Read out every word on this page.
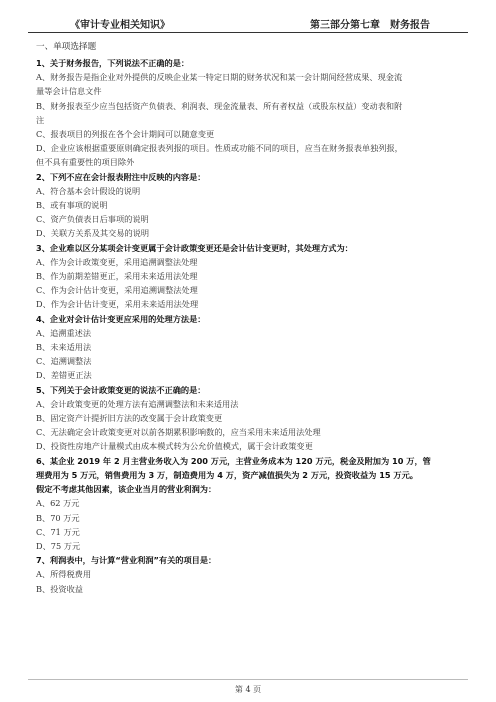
《审计专业相关知识》	第三部分第七章　财务报告
一、单项选择题
1、关于财务报告，下列说法不正确的是：
A、财务报告是指企业对外提供的反映企业某一特定日期的财务状况和某一会计期间经营成果、现金流
量等会计信息文件
B、财务报表至少应当包括资产负债表、利润表、现金流量表、所有者权益（或股东权益）变动表和附
注
C、报表项目的列报在各个会计期间可以随意变更
D、企业应该根据重要原则确定报表列报的项目。性质或功能不同的项目，应当在财务报表单独列报，
但不具有重要性的项目除外
2、下列不应在会计报表附注中反映的内容是：
A、符合基本会计假设的说明
B、或有事项的说明
C、资产负债表日后事项的说明
D、关联方关系及其交易的说明
3、企业难以区分某项会计变更属于会计政策变更还是会计估计变更时，其处理方式为：
A、作为会计政策变更，采用追溯调整法处理
B、作为前期差错更正，采用未来适用法处理
C、作为会计估计变更，采用追溯调整法处理
D、作为会计估计变更，采用未来适用法处理
4、企业对会计估计变更应采用的处理方法是：
A、追溯重述法
B、未来适用法
C、追溯调整法
D、差错更正法
5、下列关于会计政策变更的说法不正确的是：
A、会计政策变更的处理方法有追溯调整法和未来适用法
B、固定资产计提折旧方法的改变属于会计政策变更
C、无法确定会计政策变更对以前各期累积影响数的，应当采用未来适用法处理
D、投资性房地产计量模式由成本模式转为公允价值模式，属于会计政策变更
6、某企业 2019 年 2 月主营业务收入为 200 万元，主营业务成本为 120 万元，税金及附加为 10 万，管
理费用为 5 万元，销售费用为 3 万，制造费用为 4 万，资产减值损失为 2 万元，投资收益为 15 万元。
假定不考虑其他因素，该企业当月的营业利润为：
A、62 万元
B、70 万元
C、71 万元
D、75 万元
7、利润表中，与计算“营业利润”有关的项目是：
A、所得税费用
B、投资收益
第 4 页
